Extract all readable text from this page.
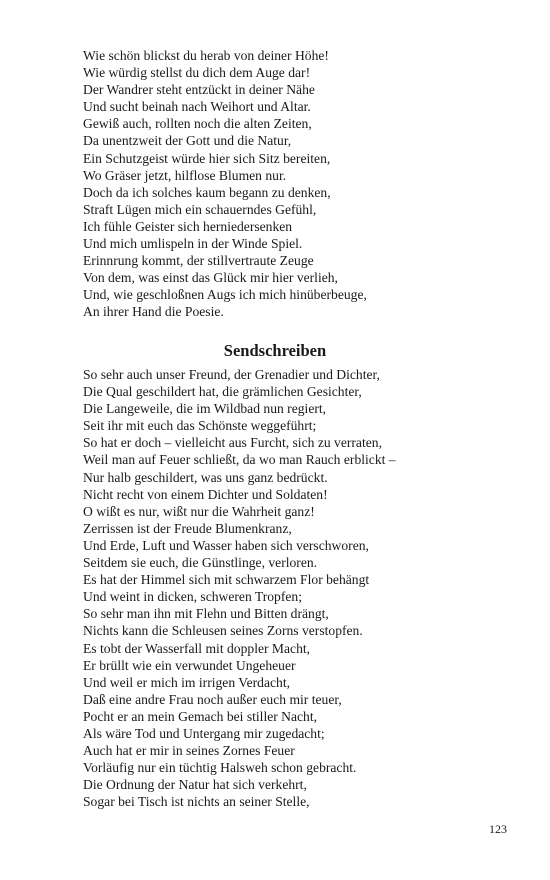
Wie schön blickst du herab von deiner Höhe!
Wie würdig stellst du dich dem Auge dar!
Der Wandrer steht entzückt in deiner Nähe
Und sucht beinah nach Weihort und Altar.
Gewiß auch, rollten noch die alten Zeiten,
Da unentzweit der Gott und die Natur,
Ein Schutzgeist würde hier sich Sitz bereiten,
Wo Gräser jetzt, hilflose Blumen nur.
Doch da ich solches kaum begann zu denken,
Straft Lügen mich ein schauerndes Gefühl,
Ich fühle Geister sich herniedersenken
Und mich umlispeln in der Winde Spiel.
Erinnrung kommt, der stillvertraute Zeuge
Von dem, was einst das Glück mir hier verlieh,
Und, wie geschloßnen Augs ich mich hinüberbeuge,
An ihrer Hand die Poesie.
Sendschreiben
So sehr auch unser Freund, der Grenadier und Dichter,
Die Qual geschildert hat, die grämlichen Gesichter,
Die Langeweile, die im Wildbad nun regiert,
Seit ihr mit euch das Schönste weggeführt;
So hat er doch – vielleicht aus Furcht, sich zu verraten,
Weil man auf Feuer schließt, da wo man Rauch erblickt –
Nur halb geschildert, was uns ganz bedrückt.
Nicht recht von einem Dichter und Soldaten!
O wißt es nur, wißt nur die Wahrheit ganz!
Zerrissen ist der Freude Blumenkranz,
Und Erde, Luft und Wasser haben sich verschworen,
Seitdem sie euch, die Günstlinge, verloren.
Es hat der Himmel sich mit schwarzem Flor behängt
Und weint in dicken, schweren Tropfen;
So sehr man ihn mit Flehn und Bitten drängt,
Nichts kann die Schleusen seines Zorns verstopfen.
Es tobt der Wasserfall mit doppler Macht,
Er brüllt wie ein verwundet Ungeheuer
Und weil er mich im irrigen Verdacht,
Daß eine andre Frau noch außer euch mir teuer,
Pocht er an mein Gemach bei stiller Nacht,
Als wäre Tod und Untergang mir zugedacht;
Auch hat er mir in seines Zornes Feuer
Vorläufig nur ein tüchtig Halsweh schon gebracht.
Die Ordnung der Natur hat sich verkehrt,
Sogar bei Tisch ist nichts an seiner Stelle,
123
